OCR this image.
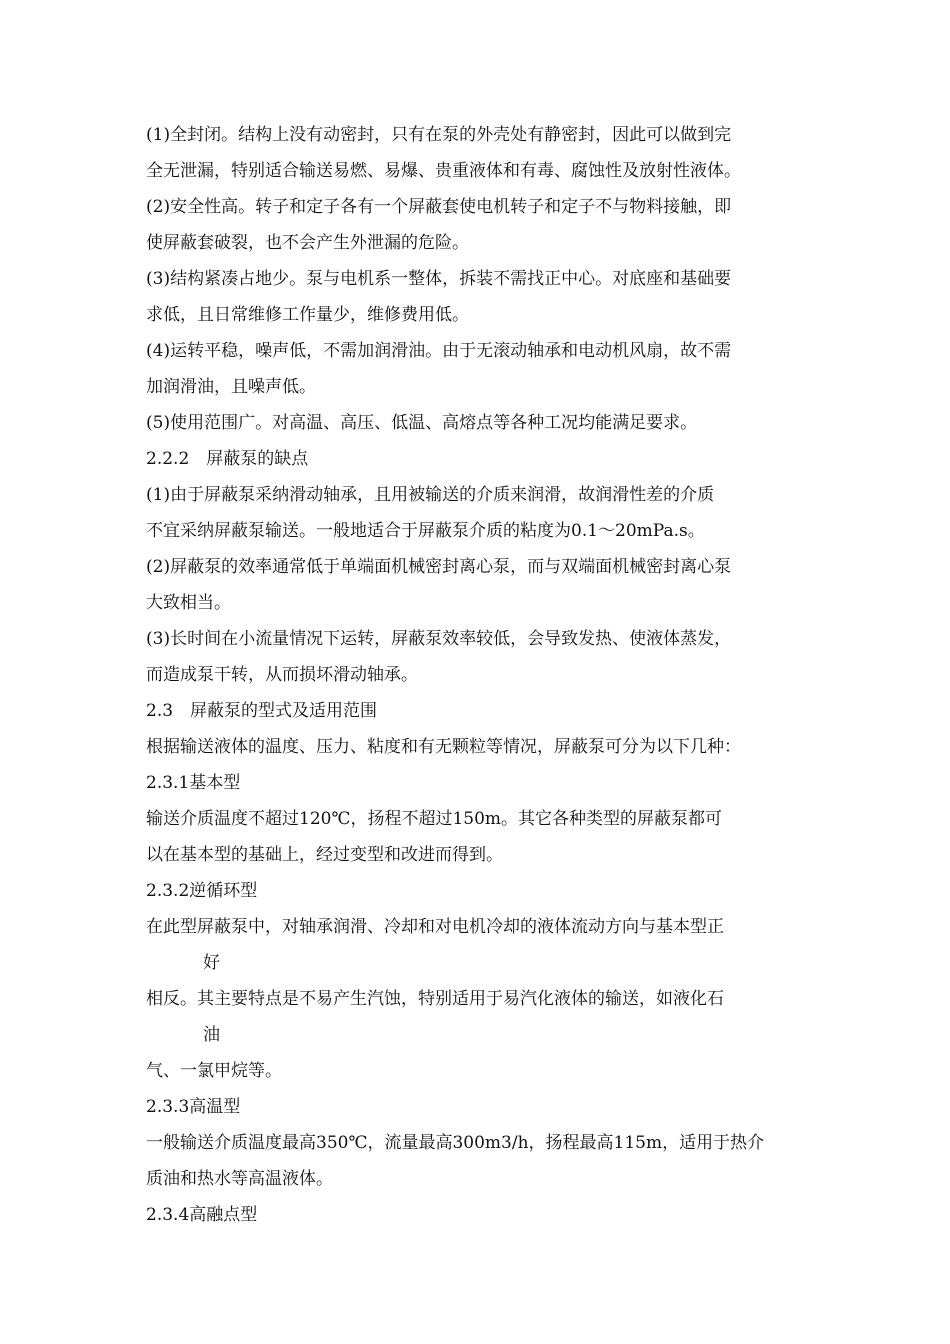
(1)全封闭。结构上没有动密封，只有在泵的外壳处有静密封，因此可以做到完
全无泄漏，特别适合输送易燃、易爆、贵重液体和有毒、腐蚀性及放射性液体。
(2)安全性高。转子和定子各有一个屏蔽套使电机转子和定子不与物料接触，即
使屏蔽套破裂，也不会产生外泄漏的危险。
(3)结构紧凑占地少。泵与电机系一整体，拆装不需找正中心。对底座和基础要
求低，且日常维修工作量少，维修费用低。
(4)运转平稳，噪声低，不需加润滑油。由于无滚动轴承和电动机风扇，故不需
加润滑油，且噪声低。
(5)使用范围广。对高温、高压、低温、高熔点等各种工况均能满足要求。
2.2.2　屏蔽泵的缺点
(1)由于屏蔽泵采纳滑动轴承，且用被输送的介质来润滑，故润滑性差的介质
不宜采纳屏蔽泵输送。一般地适合于屏蔽泵介质的粘度为0.1～20mPa.s。
(2)屏蔽泵的效率通常低于单端面机械密封离心泵，而与双端面机械密封离心泵
大致相当。
(3)长时间在小流量情况下运转，屏蔽泵效率较低，会导致发热、使液体蒸发，
而造成泵干转，从而损坏滑动轴承。
2.3　屏蔽泵的型式及适用范围
根据输送液体的温度、压力、粘度和有无颗粒等情况，屏蔽泵可分为以下几种：
2.3.1基本型
输送介质温度不超过120℃，扬程不超过150m。其它各种类型的屏蔽泵都可
以在基本型的基础上，经过变型和改进而得到。
2.3.2逆循环型
在此型屏蔽泵中，对轴承润滑、冷却和对电机冷却的液体流动方向与基本型正
好
相反。其主要特点是不易产生汽蚀，特别适用于易汽化液体的输送，如液化石
油
气、一氯甲烷等。
2.3.3高温型
一般输送介质温度最高350℃，流量最高300m3/h，扬程最高115m，适用于热介
质油和热水等高温液体。
2.3.4高融点型
